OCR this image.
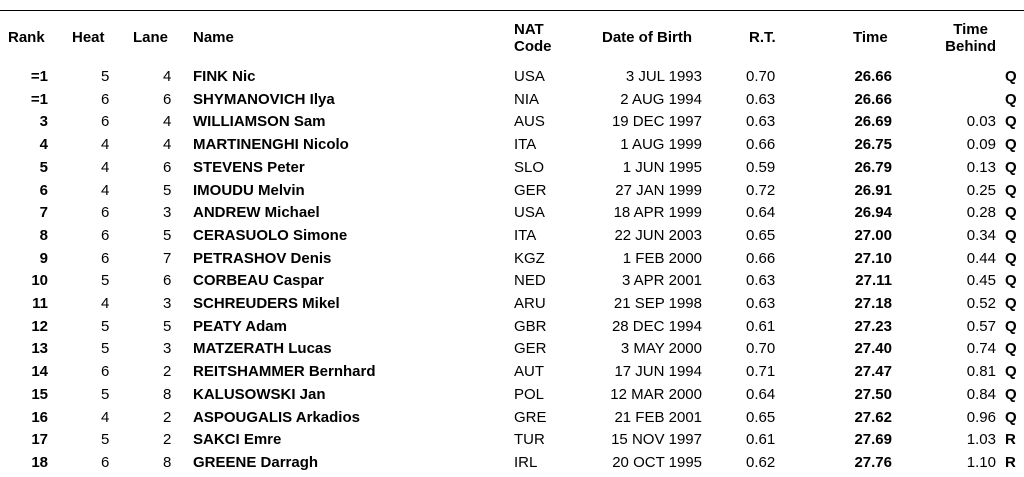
Rank Heat Lane Name	NAT
Code
Date of Birth	R.T.	Time	Time
Behind
=1	5	4 FINK Nic	USA	3 JUL 1993	0.70	26.66	Q
=1	6	6 SHYMANOVICH Ilya	NIA	2 AUG 1994	0.63	26.66	Q
3	6	4 WILLIAMSON Sam	AUS	19 DEC 1997	0.63	26.69	0.03 Q
4	4	4 MARTINENGHI Nicolo	ITA	1 AUG 1999	0.66	26.75	0.09 Q
5	4	6 STEVENS Peter	SLO	1 JUN 1995	0.59	26.79	0.13 Q
6	4	5 IMOUDU Melvin	GER	27 JAN 1999	0.72	26.91	0.25 Q
7	6	3 ANDREW Michael	USA	18 APR 1999	0.64	26.94	0.28 Q
8	6	5 CERASUOLO Simone	ITA	22 JUN 2003	0.65	27.00	0.34 Q
9	6	7 PETRASHOV Denis	KGZ	1 FEB 2000	0.66	27.10	0.44 Q
10	5	6 CORBEAU Caspar	NED	3 APR 2001	0.63	27.11	0.45 Q
11	4	3 SCHREUDERS Mikel	ARU	21 SEP 1998	0.63	27.18	0.52 Q
12	5	5 PEATY Adam	GBR	28 DEC 1994	0.61	27.23	0.57 Q
13	5	3 MATZERATH Lucas	GER	3 MAY 2000	0.70	27.40	0.74 Q
14	6	2 REITSHAMMER Bernhard	AUT	17 JUN 1994	0.71	27.47	0.81 Q
15	5	8 KALUSOWSKI Jan	POL	12 MAR 2000	0.64	27.50	0.84 Q
16	4	2 ASPOUGALIS Arkadios	GRE	21 FEB 2001	0.65	27.62	0.96 Q
17	5	2 SAKCI Emre	TUR	15 NOV 1997	0.61	27.69	1.03 R
18	6	8 GREENE Darragh	IRL	20 OCT 1995	0.62	27.76	1.10 R
